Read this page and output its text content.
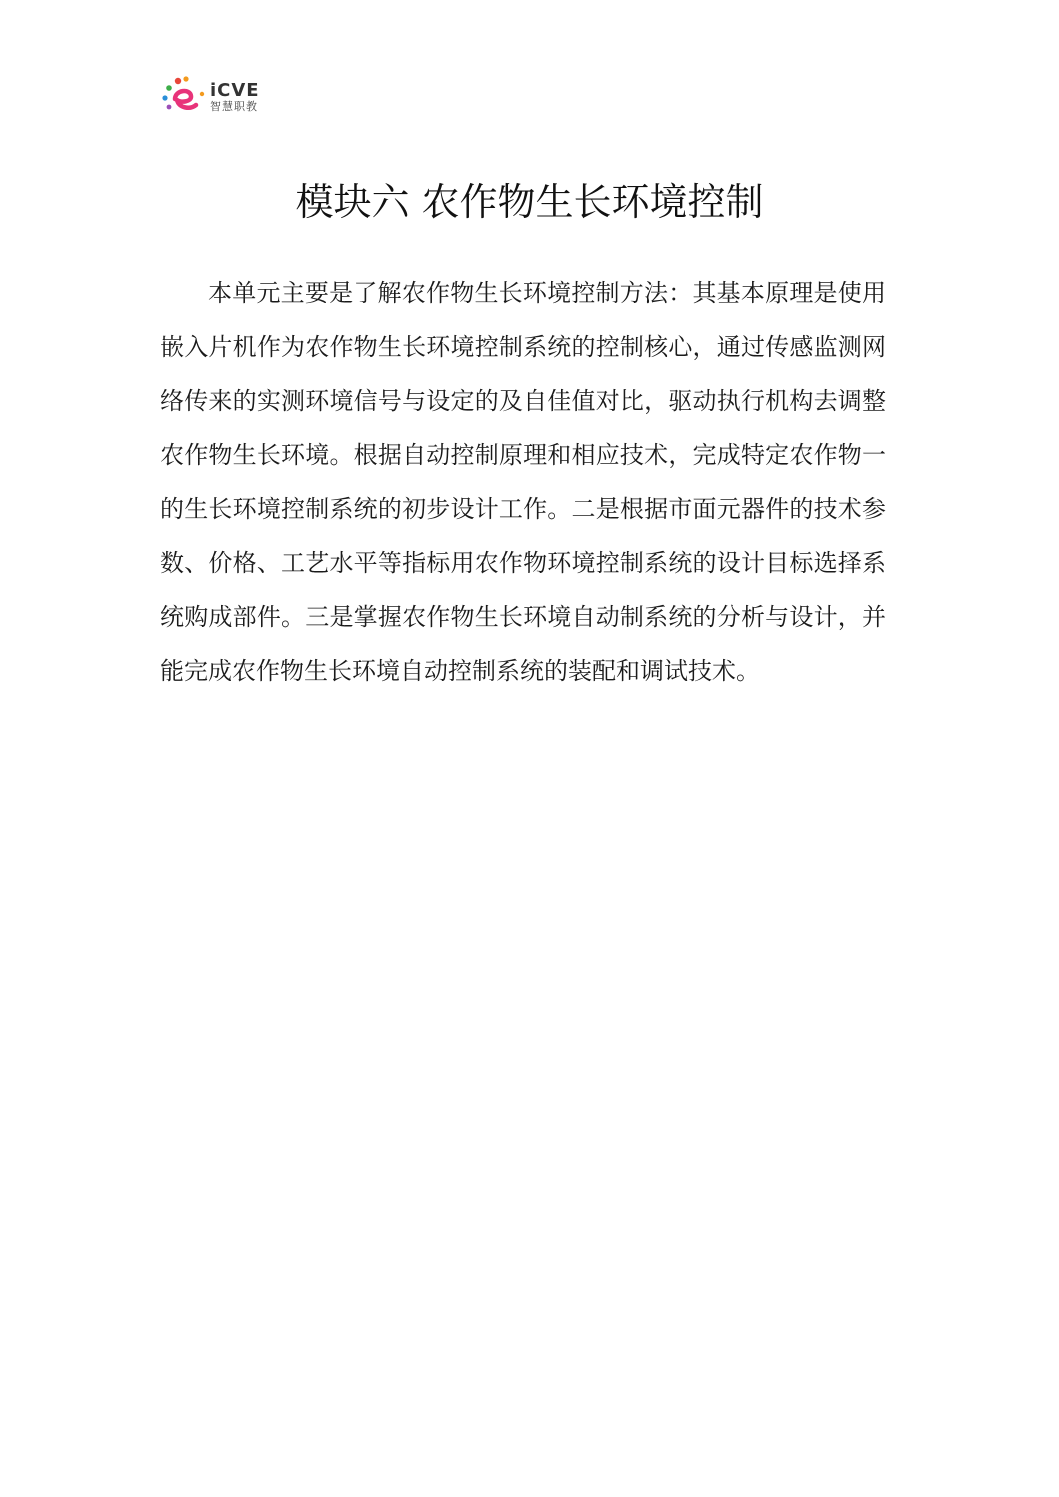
iCVE
智慧职教
模块六 农作物生长环境控制

本单元主要是了解农作物生长环境控制方法：其基本原理是使用嵌入片机作为农作物生长环境控制系统的控制核心，通过传感监测网络传来的实测环境信号与设定的及自佳值对比，驱动执行机构去调整农作物生长环境。根据自动控制原理和相应技术，完成特定农作物一的生长环境控制系统的初步设计工作。二是根据市面元器件的技术参数、价格、工艺水平等指标用农作物环境控制系统的设计目标选择系统购成部件。三是掌握农作物生长环境自动制系统的分析与设计，并能完成农作物生长环境自动控制系统的装配和调试技术。
